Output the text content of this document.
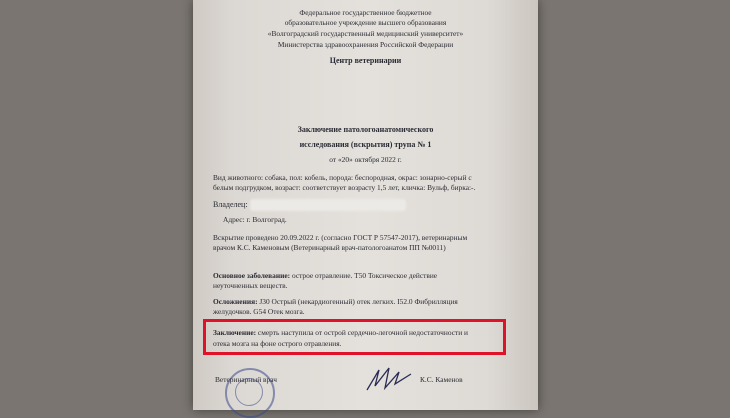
Федеральное государственное бюджетное
образовательное учреждение высшего образования
«Волгоградский государственный медицинский университет»
Министерства здравоохранения Российской Федерации
Центр ветеринарии
Заключение патологоанатомического
исследования (вскрытия) трупа № 1
от «20» октября 2022 г.
Вид животного: собака, пол: кобель, порода: беспородная, окрас: зонарно-серый с
белым подгрудком, возраст: соответствует возрасту 1,5 лет, кличка: Вульф, бирка:-.
Владелец:
Адрес: г. Волгоград.
Вскрытие проведено 20.09.2022 г. (согласно ГОСТ Р 57547-2017), ветеринарным
врачом К.С. Каменовым (Ветеринарный врач-патологоанатом ПП №0011)
Основное заболевание: острое отравление. Т50 Токсическое действие
неуточненных веществ.
Осложнения: J30 Острый (некардиогенный) отек легких. I52.0 Фибрилляция
желудочков. G54 Отек мозга.
Заключение: смерть наступила от острой сердечно-легочной недостаточности и
отека мозга на фоне острого отравления.
Ветеринарный врач	К.С. Каменов
